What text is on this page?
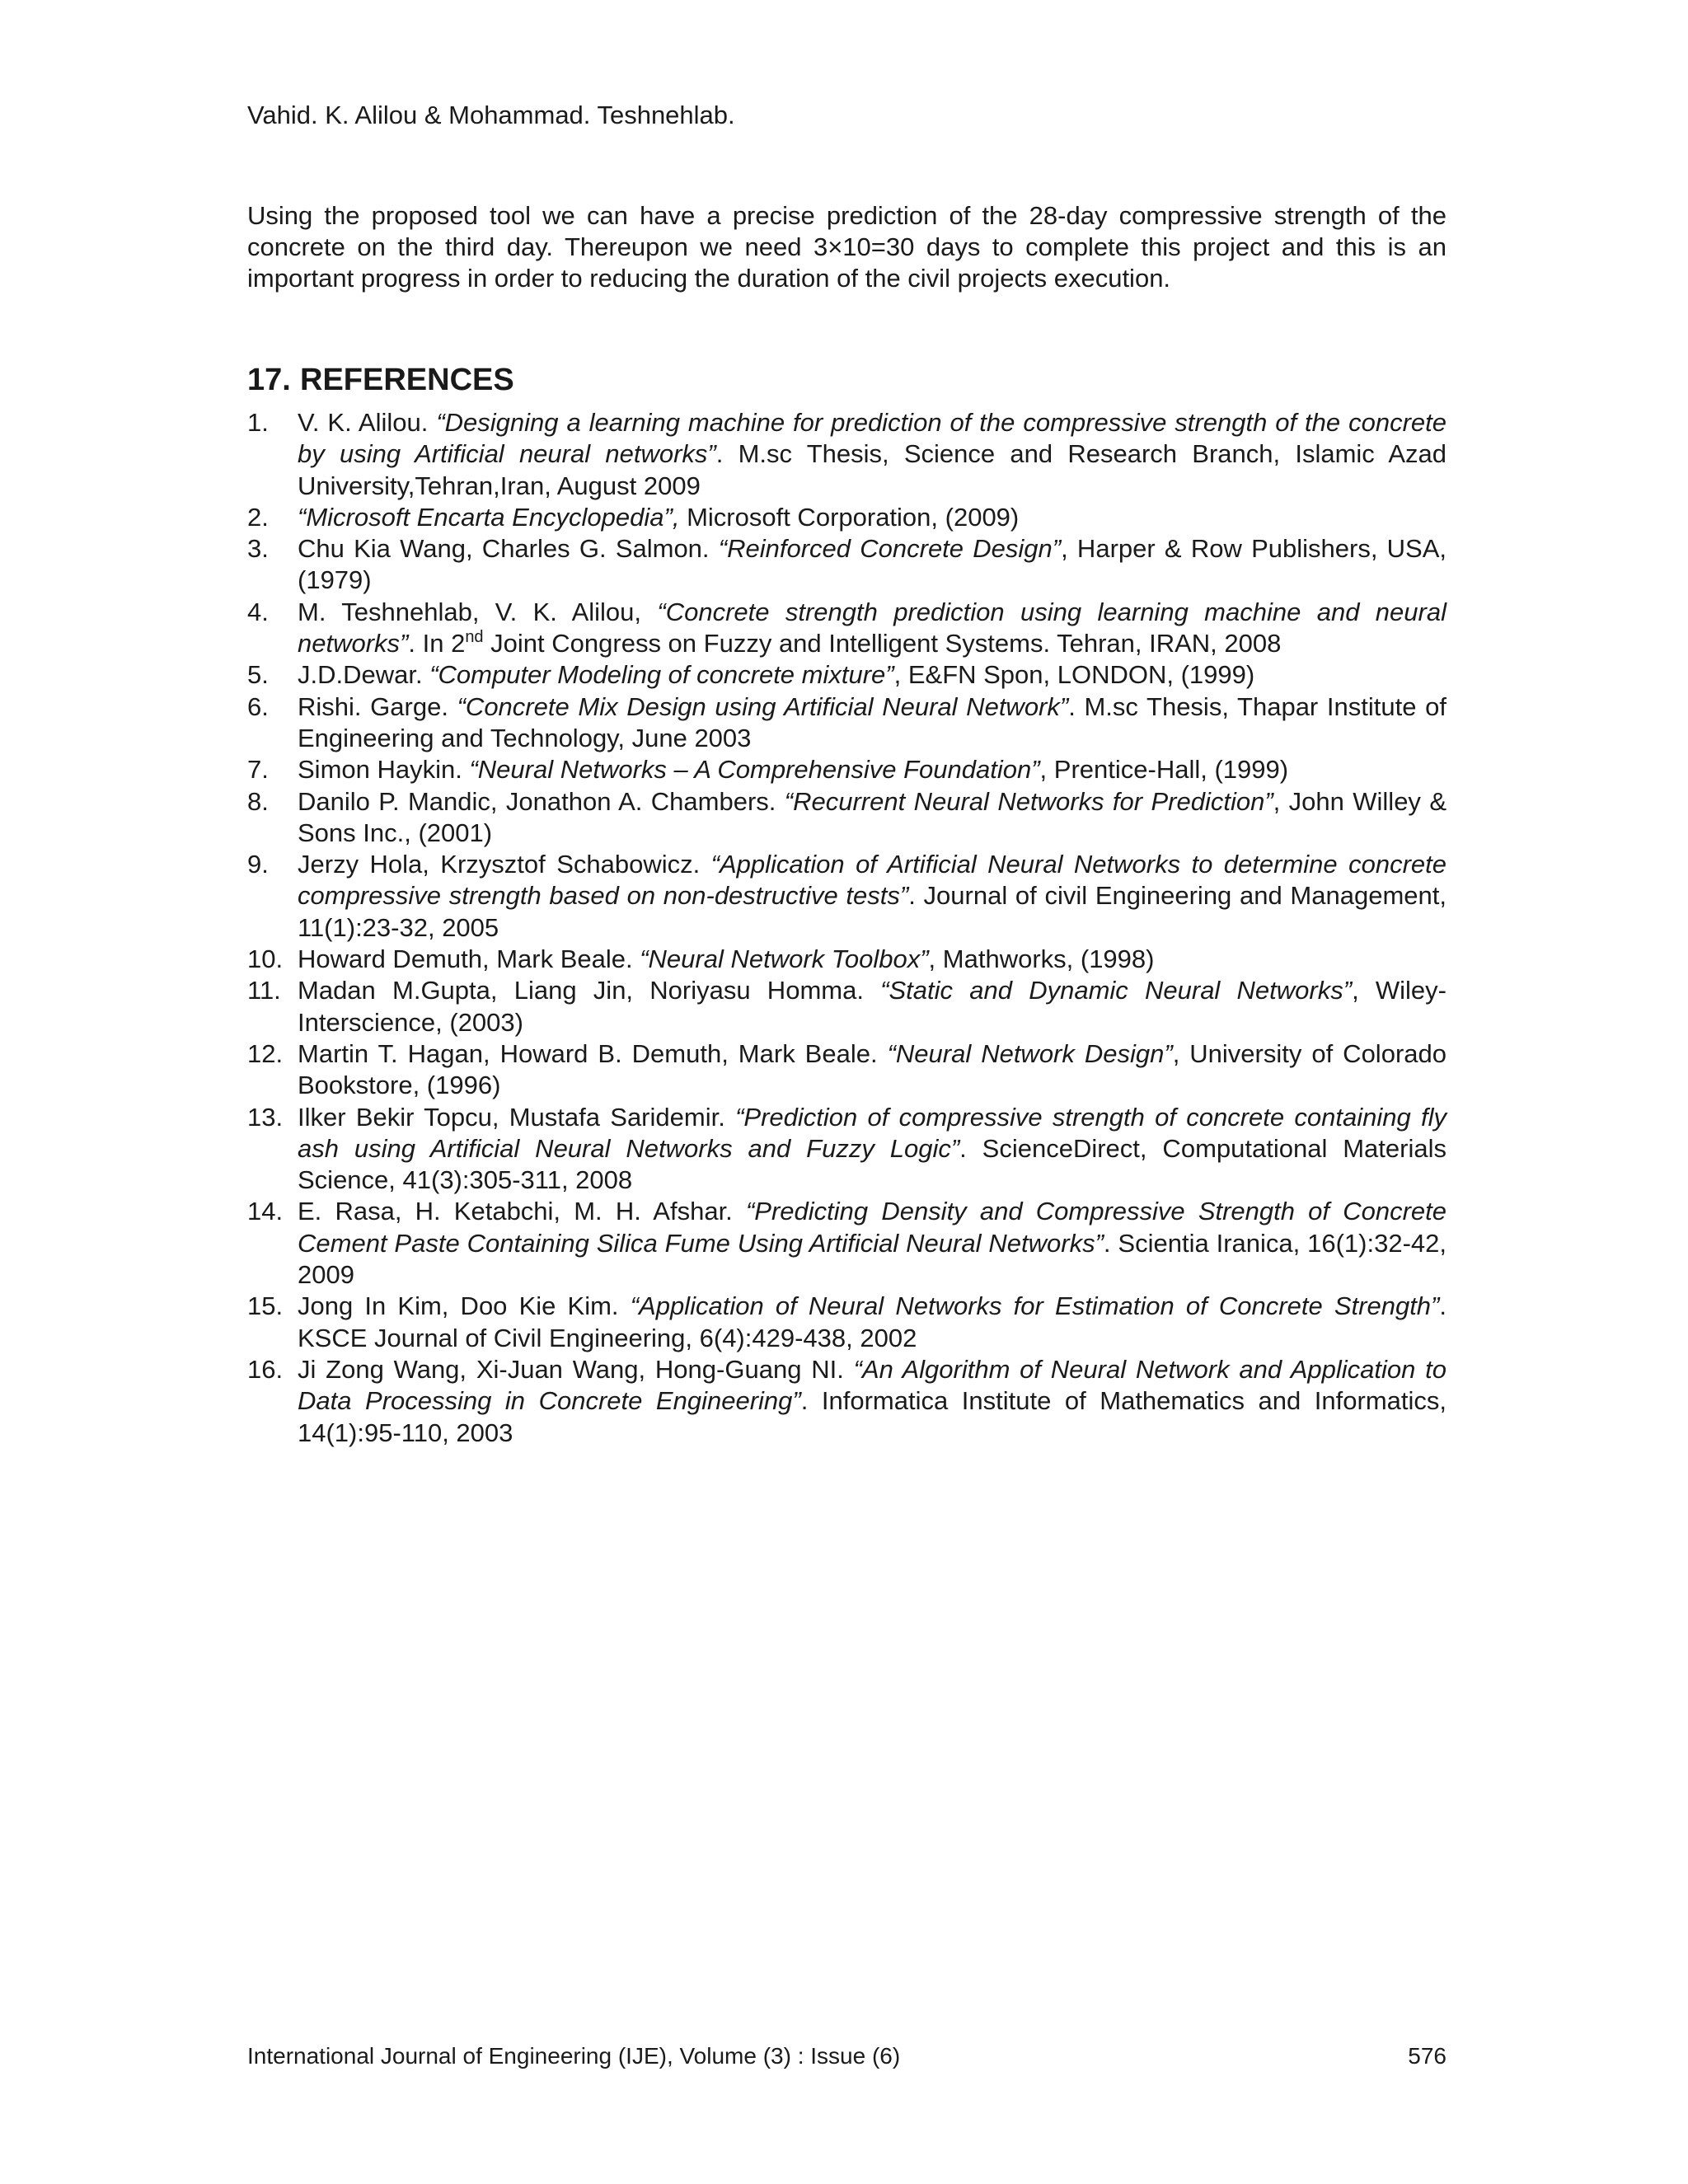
Vahid. K. Alilou & Mohammad. Teshnehlab.

Using the proposed tool we can have a precise prediction of the 28-day compressive strength of the concrete on the third day. Thereupon we need 3×10=30 days to complete this project and this is an important progress in order to reducing the duration of the civil projects execution.

17. REFERENCES
1. V. K. Alilou. “Designing a learning machine for prediction of the compressive strength of the concrete by using Artificial neural networks”. M.sc Thesis, Science and Research Branch, Islamic Azad University,Tehran,Iran, August 2009
2. “Microsoft Encarta Encyclopedia”, Microsoft Corporation, (2009)
3. Chu Kia Wang, Charles G. Salmon. “Reinforced Concrete Design”, Harper & Row Publishers, USA, (1979)
4. M. Teshnehlab, V. K. Alilou, “Concrete strength prediction using learning machine and neural networks”. In 2nd Joint Congress on Fuzzy and Intelligent Systems. Tehran, IRAN, 2008
5. J.D.Dewar. “Computer Modeling of concrete mixture”, E&FN Spon, LONDON, (1999)
6. Rishi. Garge. “Concrete Mix Design using Artificial Neural Network”. M.sc Thesis, Thapar Institute of Engineering and Technology, June 2003
7. Simon Haykin. “Neural Networks – A Comprehensive Foundation”, Prentice-Hall, (1999)
8. Danilo P. Mandic, Jonathon A. Chambers. “Recurrent Neural Networks for Prediction”, John Willey & Sons Inc., (2001)
9. Jerzy Hola, Krzysztof Schabowicz. “Application of Artificial Neural Networks to determine concrete compressive strength based on non-destructive tests”. Journal of civil Engineering and Management, 11(1):23-32, 2005
10. Howard Demuth, Mark Beale. “Neural Network Toolbox”, Mathworks, (1998)
11. Madan M.Gupta, Liang Jin, Noriyasu Homma. “Static and Dynamic Neural Networks”, Wiley-Interscience, (2003)
12. Martin T. Hagan, Howard B. Demuth, Mark Beale. “Neural Network Design”, University of Colorado Bookstore, (1996)
13. Ilker Bekir Topcu, Mustafa Saridemir. “Prediction of compressive strength of concrete containing fly ash using Artificial Neural Networks and Fuzzy Logic”. ScienceDirect, Computational Materials Science, 41(3):305-311, 2008
14. E. Rasa, H. Ketabchi, M. H. Afshar. “Predicting Density and Compressive Strength of Concrete Cement Paste Containing Silica Fume Using Artificial Neural Networks”. Scientia Iranica, 16(1):32-42, 2009
15. Jong In Kim, Doo Kie Kim. “Application of Neural Networks for Estimation of Concrete Strength”. KSCE Journal of Civil Engineering, 6(4):429-438, 2002
16. Ji Zong Wang, Xi-Juan Wang, Hong-Guang NI. “An Algorithm of Neural Network and Application to Data Processing in Concrete Engineering”. Informatica Institute of Mathematics and Informatics, 14(1):95-110, 2003
International Journal of Engineering (IJE), Volume (3) : Issue (6)	576
